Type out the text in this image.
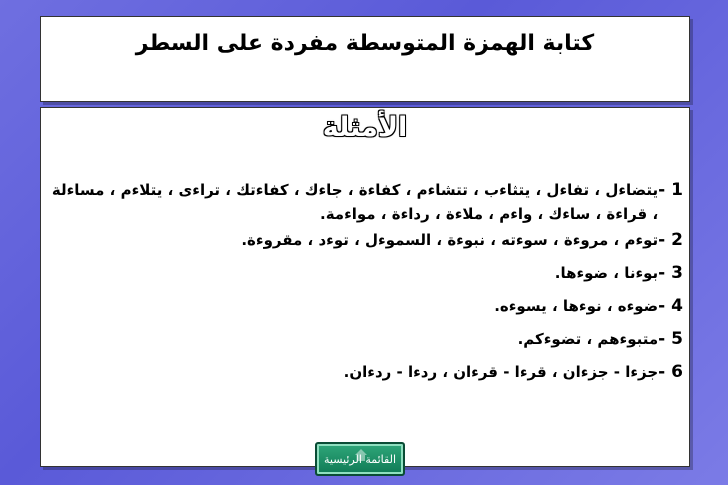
كتابة الهمزة المتوسطة مفردة على السطر
الأمثلة
1 -
يتضاءل ، تفاءل ، يتثاءب ، تتشاءم ، كفاءة ، جاءك ، كفاءتك ، تراءى ، يتلاءم ، مساءلة ، قراءة ، ساءك ، واءم ، ملاءة ، رداءة ، مواءمة.
2 -
توءم ، مروءة ، سوءته ، نبوءة ، السموءل ، توءد ، مقروءة.
3 -
بوءنا ، ضوءها.
4 -
ضوءه ، نوءها ، يسوءه.
5 -
متبوءهم ، تضوءكم.
6 -
جزءا - جزءان ، قرءا - قرءان ، ردءا - ردءان.
القائمة الرئيسية
